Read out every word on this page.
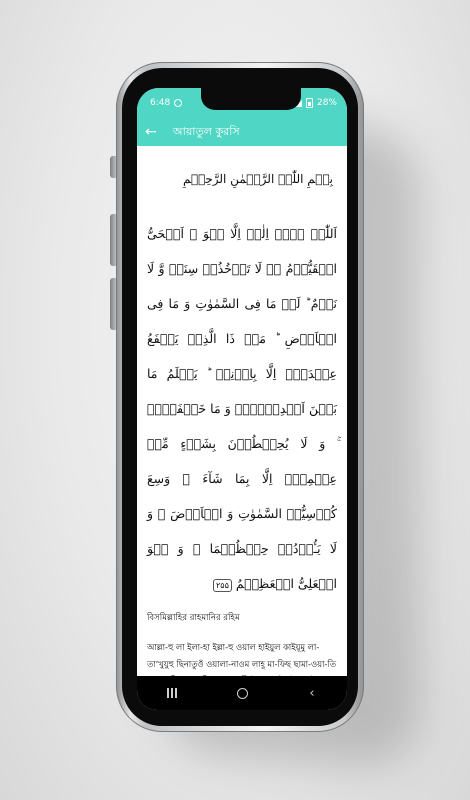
6:48	28%
←	আয়াতুল কুরসি
بِسۡمِ اللّٰہِ الرَّحۡمٰنِ الرَّحِیۡمِ

اَللّٰہُ لَاۤ اِلٰہَ اِلَّا ہُوَ ۚ اَلۡحَیُّ الۡقَیُّوۡمُ ۬ۚ لَا تَاۡخُذُہٗ سِنَۃٌ وَّ لَا نَوۡمٌ ؕ لَہٗ مَا فِی السَّمٰوٰتِ وَ مَا فِی الۡاَرۡضِ ؕ مَنۡ ذَا الَّذِیۡ یَشۡفَعُ عِنۡدَہٗۤ اِلَّا بِاِذۡنِہٖ ؕ یَعۡلَمُ مَا بَیۡنَ اَیۡدِیۡہِمۡ وَ مَا خَلۡفَہُمۡ ۚ وَ لَا یُحِیۡطُوۡنَ بِشَیۡءٍ مِّنۡ عِلۡمِہٖۤ اِلَّا بِمَا شَآءَ ۚ وَسِعَ کُرۡسِیُّہُ السَّمٰوٰتِ وَ الۡاَرۡضَ ۚ وَ لَا یَـُٔوۡدُہٗ حِفۡظُہُمَا ۚ وَ ہُوَ الۡعَلِیُّ الۡعَظِیۡمُ ۲۵۵

বিসমিল্লাহির রাহমানির রহিম

আল্লা-হু লা ইলা-হা ইল্লা-হু ওয়াল হাইয়ুল কাইয়ূমু লা-তা’খুযুহু ছিনাতুওঁ ওয়ালা-নাওম লাহূ মা-ফিছ ছামা-ওয়া-তি

‹
